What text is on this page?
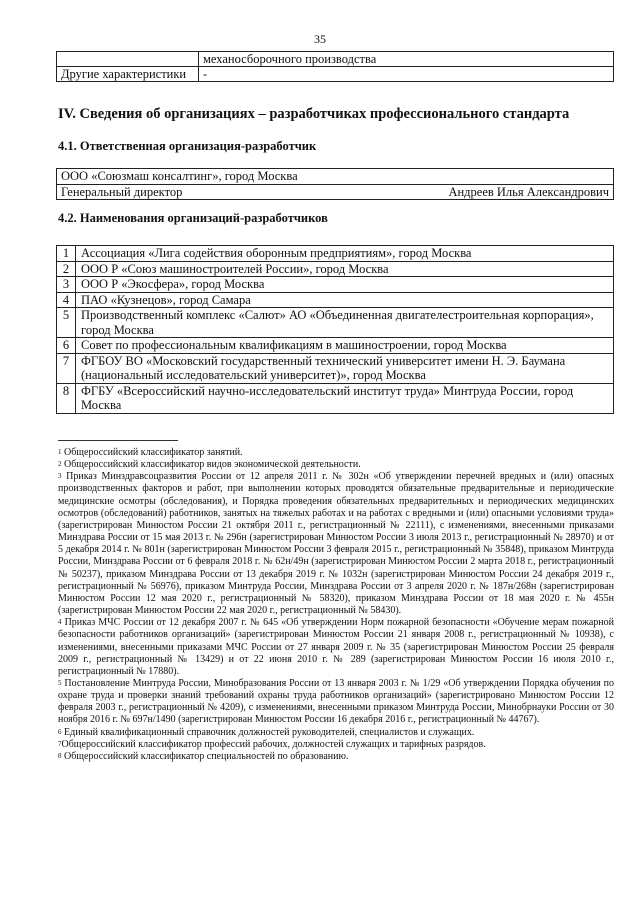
35
	механосборочного производства
Другие характеристики	-
IV. Сведения об организациях – разработчиках профессионального стандарта
4.1. Ответственная организация-разработчик
ООО «Союзмаш консалтинг», город Москва

Генеральный директор	Андреев Илья Александрович
4.2. Наименования организаций-разработчиков
1	Ассоциация «Лига содействия оборонным предприятиям», город Москва
2	ООО Р «Союз машиностроителей России», город Москва
3	ООО Р «Экосфера», город Москва
4	ПАО «Кузнецов», город Самара
5	Производственный комплекс «Салют» АО «Объединенная двигателестроительная корпорация», город Москва
6	Совет по профессиональным квалификациям в машиностроении, город Москва
7	ФГБОУ ВО «Московский государственный технический университет имени Н. Э. Баумана (национальный исследовательский университет)», город Москва
8	ФГБУ «Всероссийский научно-исследовательский институт труда» Минтруда России, город Москва

$^1$ Общероссийский классификатор занятий.

$^2$ Общероссийский классификатор видов экономической деятельности.

$^3$ Приказ Минздравсоцразвития России от 12 апреля 2011 г. № 302н «Об утверждении перечней вредных и (или) опасных производственных факторов и работ, при выполнении которых проводятся обязательные предварительные и периодические медицинские осмотры (обследования), и Порядка проведения обязательных предварительных и периодических медицинских осмотров (обследований) работников, занятых на тяжелых работах и на работах с вредными и (или) опасными условиями труда» (зарегистрирован Минюстом России 21 октября 2011 г., регистрационный № 22111), с изменениями, внесенными приказами Минздрава России от 15 мая 2013 г. № 296н (зарегистрирован Минюстом России 3 июля 2013 г., регистрационный № 28970) и от 5 декабря 2014 г. № 801н (зарегистрирован Минюстом России 3 февраля 2015 г., регистрационный № 35848), приказом Минтруда России, Минздрава России от 6 февраля 2018 г. № 62н/49н (зарегистрирован Минюстом России 2 марта 2018 г., регистрационный № 50237), приказом Минздрава России от 13 декабря 2019 г. № 1032н (зарегистрирован Минюстом России 24 декабря 2019 г., регистрационный № 56976), приказом Минтруда России, Минздрава России от 3 апреля 2020 г. № 187н/268н (зарегистрирован Минюстом России 12 мая 2020 г., регистрационный № 58320), приказом Минздрава России от 18 мая 2020 г. № 455н (зарегистрирован Минюстом России 22 мая 2020 г., регистрационный № 58430).

$^4$ Приказ МЧС России от 12 декабря 2007 г. № 645 «Об утверждении Норм пожарной безопасности «Обучение мерам пожарной безопасности работников организаций» (зарегистрирован Минюстом России 21 января 2008 г., регистрационный № 10938), с изменениями, внесенными приказами МЧС России от 27 января 2009 г. № 35 (зарегистрирован Минюстом России 25 февраля 2009 г., регистрационный № 13429) и от 22 июня 2010 г. № 289 (зарегистрирован Минюстом России 16 июля 2010 г., регистрационный № 17880).

$^5$ Постановление Минтруда России, Минобразования России от 13 января 2003 г. № 1/29 «Об утверждении Порядка обучения по охране труда и проверки знаний требований охраны труда работников организаций» (зарегистрировано Минюстом России 12 февраля 2003 г., регистрационный № 4209), с изменениями, внесенными приказом Минтруда России, Минобрнауки России от 30 ноября 2016 г. № 697н/1490 (зарегистрирован Минюстом России 16 декабря 2016 г., регистрационный № 44767).

$^6$ Единый квалификационный справочник должностей руководителей, специалистов и служащих.

$^7$Общероссийский классификатор профессий рабочих, должностей служащих и тарифных разрядов.

$^8$ Общероссийский классификатор специальностей по образованию.
